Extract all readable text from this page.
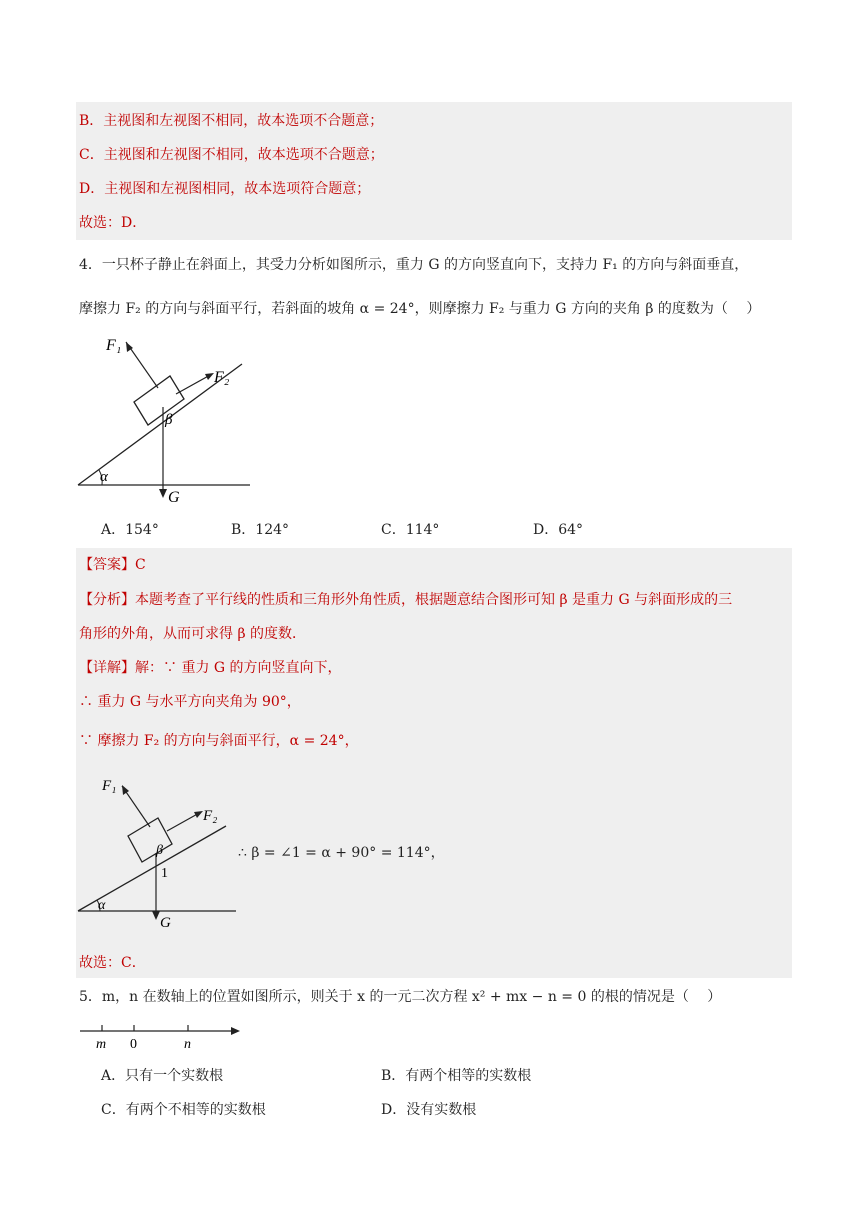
B．主视图和左视图不相同，故本选项不合题意；
C．主视图和左视图不相同，故本选项不合题意；
D．主视图和左视图相同，故本选项符合题意；
故选：D．
4．一只杯子静止在斜面上，其受力分析如图所示，重力 G 的方向竖直向下，支持力 F₁ 的方向与斜面垂直，
摩擦力 F₂ 的方向与斜面平行，若斜面的坡角 α = 24°，则摩擦力 F₂ 与重力 G 方向的夹角 β 的度数为（　 ）
F₁
F₂
β
α
G
A．154°	B．124°	C．114°	D．64°
【答案】C
【分析】本题考查了平行线的性质和三角形外角性质，根据题意结合图形可知 β 是重力 G 与斜面形成的三
角形的外角，从而可求得 β 的度数．
【详解】解：∵ 重力 G 的方向竖直向下，
∴ 重力 G 与水平方向夹角为 90°，
∵ 摩擦力 F₂ 的方向与斜面平行，α = 24°，
F₁
F₂
β
1
α
G
∴ β = ∠1 = α + 90° = 114°，
故选：C．
5．m，n 在数轴上的位置如图所示，则关于 x 的一元二次方程 x² + mx − n = 0 的根的情况是（　 ）
m 0	n
A．只有一个实数根	B．有两个相等的实数根
C．有两个不相等的实数根	D．没有实数根
